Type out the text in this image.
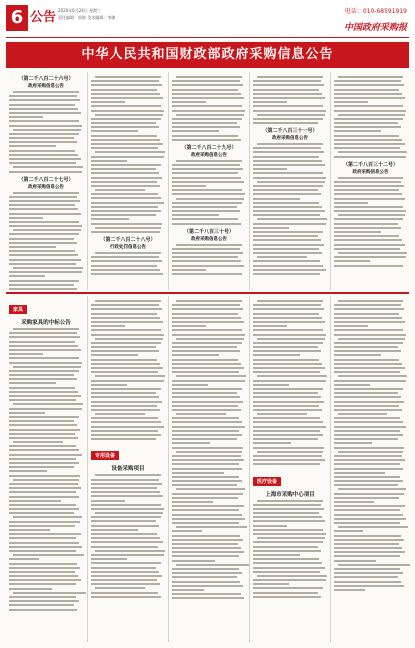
6 公告 2020年6月24日 星期三
责任编辑：郭婷 美术编辑：李璐
电话：010-68591919
中国政府采购报
中华人民共和国财政部政府采购信息公告
（第二千八百二十六号）
政府采购信息公告
（第二千八百二十七号）
政府采购信息公告
（第二千八百二十八号）
行政处罚信息公告
（第二千八百二十九号）
政府采购信息公告
（第二千八百三十号）
政府采购信息公告
（第二千八百三十一号）
政府采购信息公告
（第二千八百三十二号）
政府采购信息公告
家具
采购家具的中标公告
专用设备
设备采购项目
医疗设备
上海市采购中心项目
